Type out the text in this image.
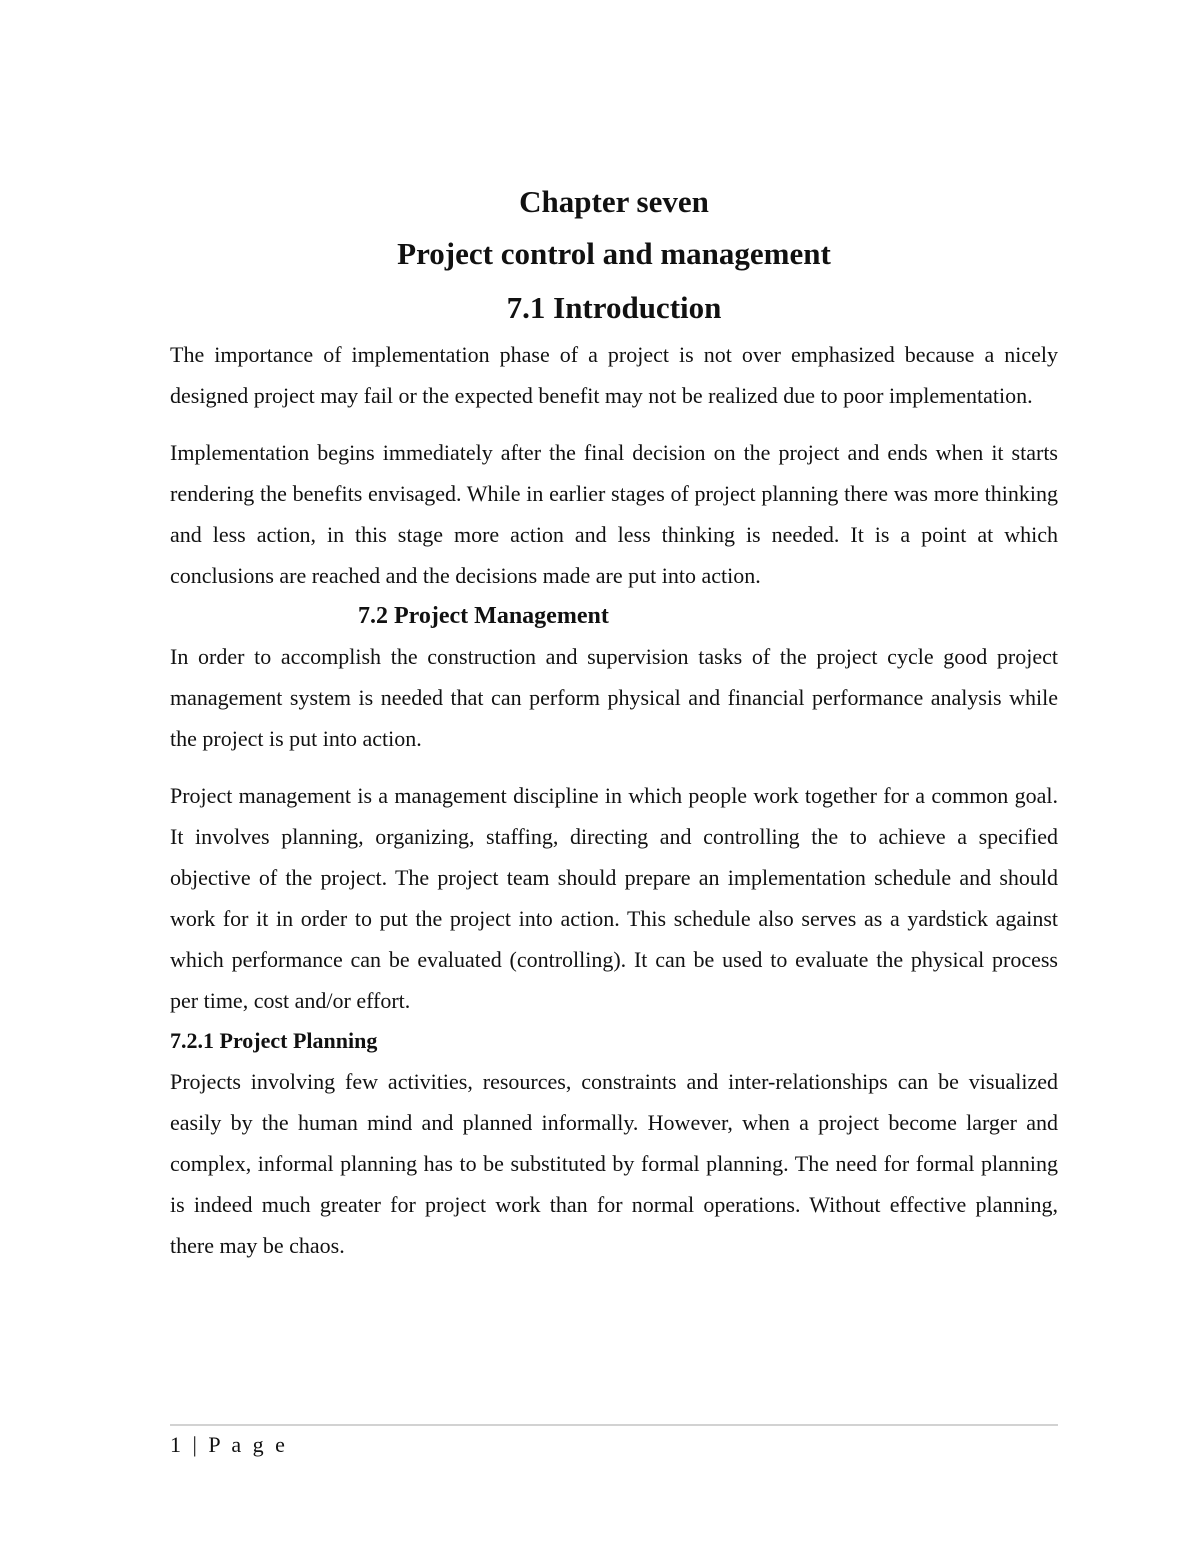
Chapter seven
Project control and management
7.1 Introduction

The importance of implementation phase of a project is not over emphasized because a nicely designed project may fail or the expected benefit may not be realized due to poor implementation.

Implementation begins immediately after the final decision on the project and ends when it starts rendering the benefits envisaged. While in earlier stages of project planning there was more thinking and less action, in this stage more action and less thinking is needed. It is a point at which conclusions are reached and the decisions made are put into action.

7.2 Project Management

In order to accomplish the construction and supervision tasks of the project cycle good project management system is needed that can perform physical and financial performance analysis while the project is put into action.

Project management is a management discipline in which people work together for a common goal. It involves planning, organizing, staffing, directing and controlling the to achieve a specified objective of the project. The project team should prepare an implementation schedule and should work for it in order to put the project into action. This schedule also serves as a yardstick against which performance can be evaluated (controlling). It can be used to evaluate the physical process per time, cost and/or effort.

7.2.1 Project Planning

Projects involving few activities, resources, constraints and inter-relationships can be visualized easily by the human mind and planned informally. However, when a project become larger and complex, informal planning has to be substituted by formal planning. The need for formal planning is indeed much greater for project work than for normal operations. Without effective planning, there may be chaos.

1 | P a g e
